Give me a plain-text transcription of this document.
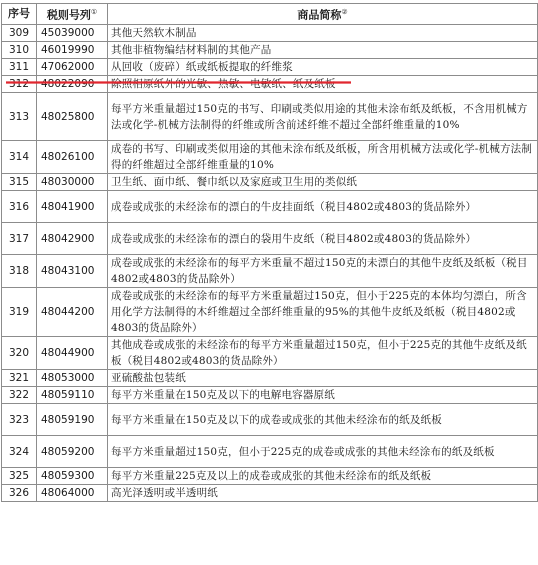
序号	税则号列①	商品简称②
309	45039000	其他天然软木制品
310	46019990	其他非植物编结材料制的其他产品
311	47062000	从回收（废碎）纸或纸板提取的纤维浆
312	48022090	除照相原纸外的光敏、热敏、电敏纸、纸及纸板
313	48025800	每平方米重量超过150克的书写、印刷或类似用途的其他未涂布纸及纸板，不含用机械方法或化学-机械方法制得的纤维或所含前述纤维不超过全部纤维重量的10%
314	48026100	成卷的书写、印刷或类似用途的其他未涂布纸及纸板，所含用机械方法或化学-机械方法制得的纤维超过全部纤维重量的10%
315	48030000	卫生纸、面巾纸、餐巾纸以及家庭或卫生用的类似纸
316	48041900	成卷或成张的未经涂布的漂白的牛皮挂面纸（税目4802或4803的货品除外）
317	48042900	成卷或成张的未经涂布的漂白的袋用牛皮纸（税目4802或4803的货品除外）
318	48043100	成卷或成张的未经涂布的每平方米重量不超过150克的未漂白的其他牛皮纸及纸板（税目4802或4803的货品除外）
319	48044200	成卷或成张的未经涂布的每平方米重量超过150克，但小于225克的本体均匀漂白，所含用化学方法制得的木纤维超过全部纤维重量的95%的其他牛皮纸及纸板（税目4802或4803的货品除外）
320	48044900	其他成卷或成张的未经涂布的每平方米重量超过150克，但小于225克的其他牛皮纸及纸板（税目4802或4803的货品除外）
321	48053000	亚硫酸盐包装纸
322	48059110	每平方米重量在150克及以下的电解电容器原纸
323	48059190	每平方米重量在150克及以下的成卷或成张的其他未经涂布的纸及纸板
324	48059200	每平方米重量超过150克，但小于225克的成卷或成张的其他未经涂布的纸及纸板
325	48059300	每平方米重量225克及以上的成卷或成张的其他未经涂布的纸及纸板
326	48064000	高光泽透明或半透明纸
